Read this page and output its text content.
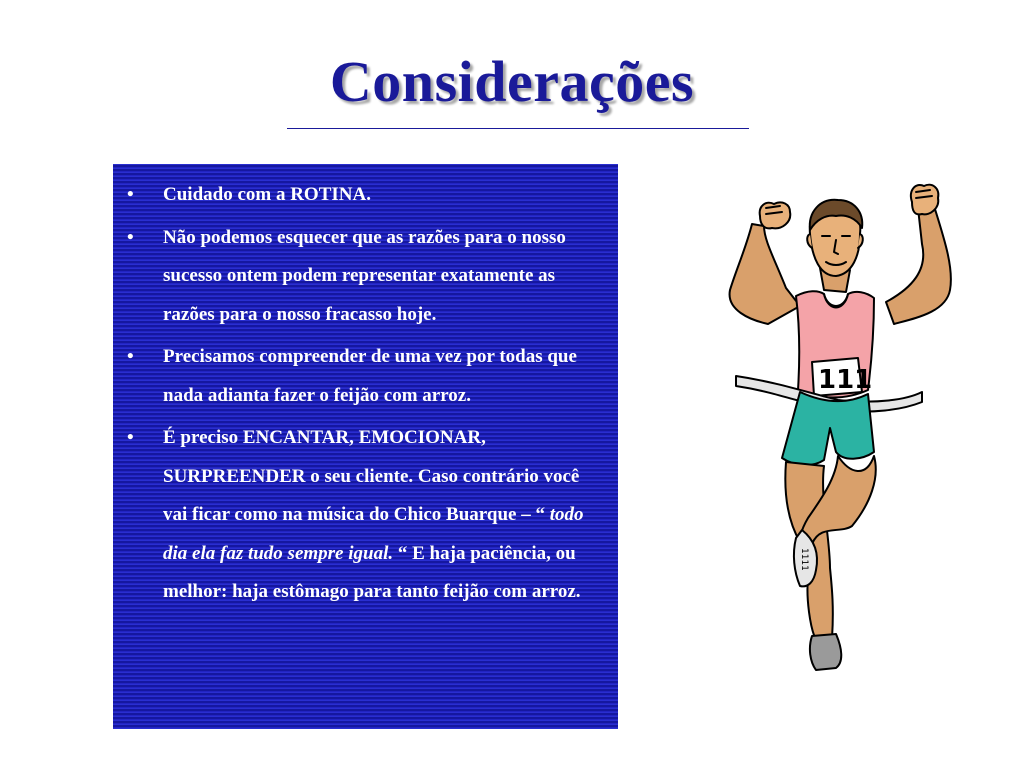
Considerações
• Cuidado com a ROTINA.
• Não podemos esquecer que as razões para o nosso sucesso ontem podem representar exatamente as razões para o nosso fracasso hoje.
• Precisamos compreender de uma vez por todas que nada adianta fazer o feijão com arroz.
• É preciso ENCANTAR, EMOCIONAR, SURPREENDER o seu cliente. Caso contrário você vai ficar como na música do Chico Buarque – “ todo dia ela faz tudo sempre igual. “ E haja paciência, ou melhor: haja estômago para tanto feijão com arroz.
111
1111
